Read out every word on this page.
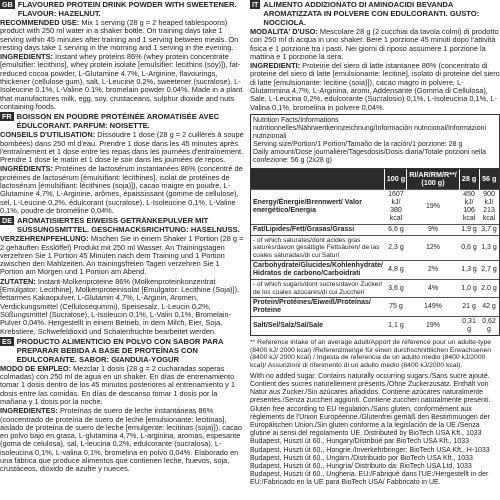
GB FLAVOURED PROTEIN DRINK POWDER WITH SWEETENER. FLAVOUR: HAZELNUT.

RECOMMENDED USE: Mix 1 serving (28 g = 2 heaped tablespoons) product with 250 ml water in a shaker bottle. On training days take 1 serving within 45 minutes after training and 1 serving between meals. On resting days take 1 serving in the morning and 1 serving in the evening.

INGREDIENTS: Instant whey proteins 86% (whey protein concentrate [emulsifier: lecithins], whey protein isolate [emulsifier: lecithins (soy)]), fat-reduced cocoa powder, L-Glutamine 4.7%, L-Arginine, flavourings, thickener (cellulose gum), salt, L-Leucine 0.2%, sweetener (sucralose), L-Isoleucine 0.1%, L-Valine 0.1%, bromelain powder 0.04%. Made in a plant that manufactures milk, egg, soy, crustaceans, sulphur dioxide and nuts containing foods.

FR BOISSON EN POUDRE PROTÉINÉE AROMATISÉE AVEC ÉDULCORANT. PARFUM: NOISETTE.

CONSEILS D'UTILISATION: Dissoudre 1 dose (28 g = 2 cuillères à soupe bombées) dans 250 ml d'eau. Prendre 1 dose dans les 45 minutes après l'entraînement et 1 dose entre les repas dans les journées d'entraînement. Prendre 1 dose le matin et 1 dose le soir dans les journées de repos.

INGRÉDIENTS: Protéines de lactosérum instantanées 86% (concentré de protéines de lactosérum [émulsifiant: lécithines], isolat de protéines de lactosérum [émulsifiant: lécithines (soja)]), cacao maigre en poudre, L-Glutamine 4,7%, L-Arginine, arômes, épaississant (gomme de cellulose), sel, L-Leucine 0,2%, édulcorant (sucralose), L-Isoleucine 0,1%, L-Valine 0,1%, poudre de broméline 0,04%.

DE AROMATISIERTES EIWEISS GETRÄNKEPULVER MIT SÜSSUNGSMITTEL. GESCHMACKSRICHTUNG: HASELNUSS.

VERZEHRENPFEHLUNG: Mischen Sie in einem Shaker 1 Portion (28 g = 2 gehäuften Esslöffel) Produkt mit 250 ml Wasser. An Trainingstagen verzehren Sie 1 Portion 45 Minuten nach dem Training und 1 Portion zwischen den Mahlzeiten. An trainingsfreien Tagen verzehren Sie 1 Portion am Morgen und 1 Portion am Abend.

ZUTATEN: Instant-Molkenproteine 86% (Molkenproteinkonzentrat [Emulgator: Lecithine], Molkenproteinisolat [Emulgator: Lecithine (Soja)]), fettarmes Kakaopulver, L-Glutamin 4,7%, L-Arginin, Aromen, Verdickungsmittel (Celluloseqummi), Speisesalz, L-Leucin 0,2%, Süßungsmittel (Sucralose), L-Isoleucin 0,1%, L-Valin 0,1%, Bromelain-Pulver 0,04%. Hergestellt in einem Betrieb, in dem Milch, Eier, Soja, Krebstiere, Schwefeldioxid und Schalenfrüchte bearbeitet werden.

ES PRODUCTO ALIMENTICIO EN POLVO CON SABOR PARA PREPARAR BEBIDA A BASE DE PROTEÍNAS CON EDULCORANTE. SABOR: GIANDUIA-YOGUR

MODO DE EMPLEO: Mezclar 1 dosis (28 g = 2 cucharadas soperas colmadas) con 250 ml de agua en un shaker. En días de entrenamiento tomar 1 dosis dentro de los 45 minutos posteriores al entrenamiento y 1 dosis entre las comidas. En días de descanso tomar 1 dosis por la mañana y 1 dosis por la noche.

INGREDIENTES: Proteínas de suero de leche instantáneas 86% (concentrado de proteína de suero de leche [emulsionante: lecitinas], aislado de proteína de suero de leche [emulgente: lecitinas (soja)]), cacao en polvo bajo en grasa, L-glutamina 4,7%, L-arginina, aromas, espesante (goma de celulosa), sal, L-leucina 0,2%, edulcorante (sucralosa), L-isoleucina 0,1%, L-valina 0,1%, bromelina en polvo 0,04%. Elaborado en una fábrica que produce alimentos que contienen leche, huevos, soja, crustáceos, dióxido de azufre y nueces.

IT ALIMENTO ADDIZIONATO DI AMINOACIDI BEVANDA AROMATIZZATA IN POLVERE CON EDULCORANTI. GUSTO: NOCCIOLA.

MODALITA' D'USO: Mescolare 28 g (2 cucchiai da tavola colmi) di prodotto con 250 ml di acqua in uno shaker. Bere 1 porzione 45 minuti dopo l'attività fisica e 1 porzione tra i pasti. Nei giorni di riposo assumere 1 porzione la mattina e 1 porzione la sera.

INGREDIENTI: Proteine del siero di latte istantanee 86% (concentrato di proteine del siero di latte [emulsionante: lecitine], isolato di proteine del siero di latte [emulsionante: lecitine (soia)]), cacao magro in polvere, L-Glutammina 4,7%, L-Arginina, aromi, Addensante (Gomma di Cellulosa), Sale, L-Leucina 0,2%, edulcorante (Sucralosio) 0,1%, L-Isoleucina 0,1%, L-Valina 0,1%, bromelina in polvere 0,04%.

Nutrition Facts/Informations nutritionnelles/Nährwertkennzeichnung/Información nutricional/Informazioni nutrizionali
Serving size/Portion/1 Portion/Tamaño de la ración/1 porzione: 28 g
Daily amount/Dose journalière/Tagesdosis/Dosis diaria/Totale porzioni nella confezione: 56 g (2x28 g)
	100 g	RI/AR/RM/R**/ (100 g)	28 g	56 g
Energy/Énergie/Brennwert/ Valor energético/Energia	1607 kJ/ 380 kcal	19%	450 kJ/ 106 kcal	900 kJ/ 213 kcal
Fat/Lipides/Fett/Grasas/Grassi	6,6 g	9%	1,9 g	3,7 g
- of which saturates/dont acides gras saturés/davon gesättigte Fettsäuren/ de las cuales saturadas/di cui Saturi	2,3 g	12%	0,6 g	1,3 g
Carbohydrate/Glucides/Kohlenhydrate/ Hidratos de carbono/Carboidrati	4,8 g	2%	1,3 g	2,7 g
- of which sugars/dont sucres/davon Zucker/ de los cuales azúcares/di cui Zuccheri	3,6 g	4%	1,0 g	2,0 g
Protein/Protéines/Eiweiß/Proteínas/ Proteine	75 g	149%	21 g	42 g
Salt/Sel/Salz/Sal/Sale	1,1 g	19%	0,31 g	0,62 g
** Reference intake of an average adult/Apport de référence pour un adulte-type (8400 kJ/ 2000 kcal) /Referenzmenge für einen durchschnittlichen Erwachsenen (8400 kJ/ 2000 kcal) / Ingesta de referencia de un adulto medio (8400 kJ/2000 kcal)/ Assunzioni di riferimento di un adulto medio (8400 kJ/2000 kcal).
With no added sugar. Contains naturally occurring sugars./Sans sucre ajouté. Contient des sucres naturellement présents./Ohne Zuckerzusatz. Enthält von Natur aus Zucker./Sin azúcares añadidos. Contiene azúcares naturalmente presentes./Senza zuccheri aggiunti. Contiene zuccheri naturalmente presenti. Gluten free according to EU regulation./Sans gluten, conformément aux règlements de l'Union Européenne./Glutenfrei gemäß den Bestimmungen der Europäischen Union./Sin gluten conforme a la legislación de la UE./Senza glutine ai sensi del regolamento UE. Distributed by BioTech USA Kft., 1033 Budapest, Huszti út 60., Hungary/Distribué par BioTech USA Kft., 1033 Budapest, Huszti út 60., Hongrie./Inverkehrbringer: BioTech USA Kft., H-1033 Budapest, Huszti út 60., Ungarn./Distribuido por BioTech USA Kft., 1033 Budapest, Huszti út 60., Hungría/ Distribuito da: BioTech USA Ltd, 1033 Budapest, Huszti út 60., Ungheria. EU:/Fabriqué dans l'UE:/Hergestellt in der EU:/Fabricado en la UE para BioTech USA/ Fabbricato in UE.
